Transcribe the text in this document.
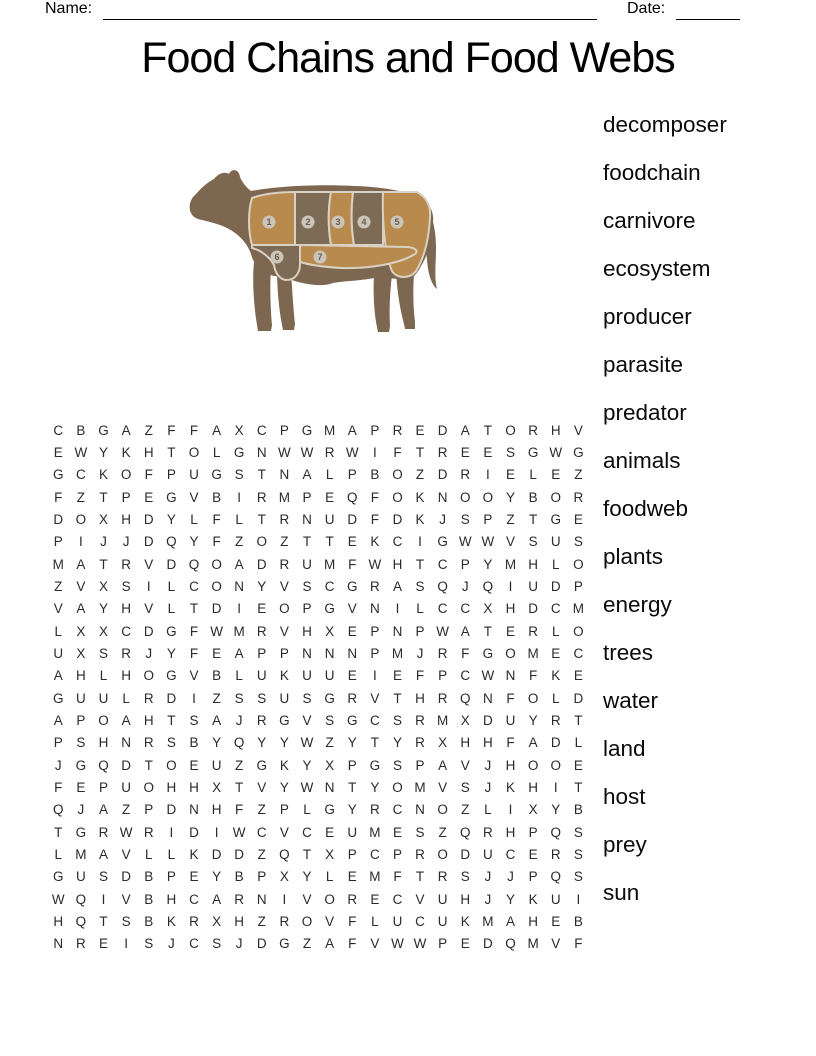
Name:	Date:
Food Chains and Food Webs
1	2	3 4	5
6	7
C B G A	Z	F	F	A	X C P G M A	P R E D A	T O R H V
E W Y	K H	T O	L	G N W W R W	I	F	T	R E	E	S G W G
G C K O F	P U G S	T	N A	L	P	B O Z	D R	I	E	L	E	Z
F	Z	T	P	E G V	B	I	R M P	E Q F O K N O O Y	B O R
D O X H D Y	L	F	L	T	R N U D	F	D K	J	S	P	Z	T G E
P	I	J	J	D Q Y	F	Z O Z	T	T	E	K C	I	G W W V	S U S
M A	T	R V D Q O A D R U M F W H	T	C P	Y M H	L	O
Z	V	X	S	I	L	C O N Y	V	S C G R A	S Q	J	Q	I	U D P
V	A	Y H V	L	T	D	I	E O P G V N	I	L	C C X H D C M
L	X	X C D G F W M R V H X	E	P N P W A	T	E R	L	O
U X	S R	J	Y	F	E	A	P	P N N N P M	J	R	F G O M E C
A H	L	H O G V	B	L	U K U U E	I	E	F	P C W N	F	K	E
G U U	L	R D	I	Z	S	S U S G R V	T	H R Q N	F O	L	D
A	P O A H	T	S	A	J	R G V	S G C S R M X D U Y R	T
P	S H N R S	B	Y Q Y	Y W Z	Y	T	Y R X H H	F	A D	L
J	G Q D	T O E U	Z G K	Y	X	P G S	P	A	V	J	H O O E
F	E	P U O H H X	T	V	Y W N	T	Y O M V	S	J	K H	I	T
Q	J	A	Z	P D N H	F	Z	P	L	G Y R C N O Z	L	I	X	Y	B
T G R W R	I	D	I	W C V C E U M E	S	Z Q R H P Q S
L M A	V	L	L	K D D	Z Q T	X	P C P R O D U C E R S
G U S D B	P	E	Y	B	P	X	Y	L	E M F	T	R S	J	J	P Q S
W Q	I	V	B H C A R N	I	V O R E C V U H	J	Y	K U	I
H Q T	S	B	K R X H	Z	R O V	F	L	U C U K M A H E	B
N R E	I	S	J	C S	J	D G Z	A	F	V W W P	E D Q M V	F
decomposer
foodchain
carnivore
ecosystem
producer
parasite
predator
animals
foodweb
plants
energy
trees
water
land
host
prey
sun
